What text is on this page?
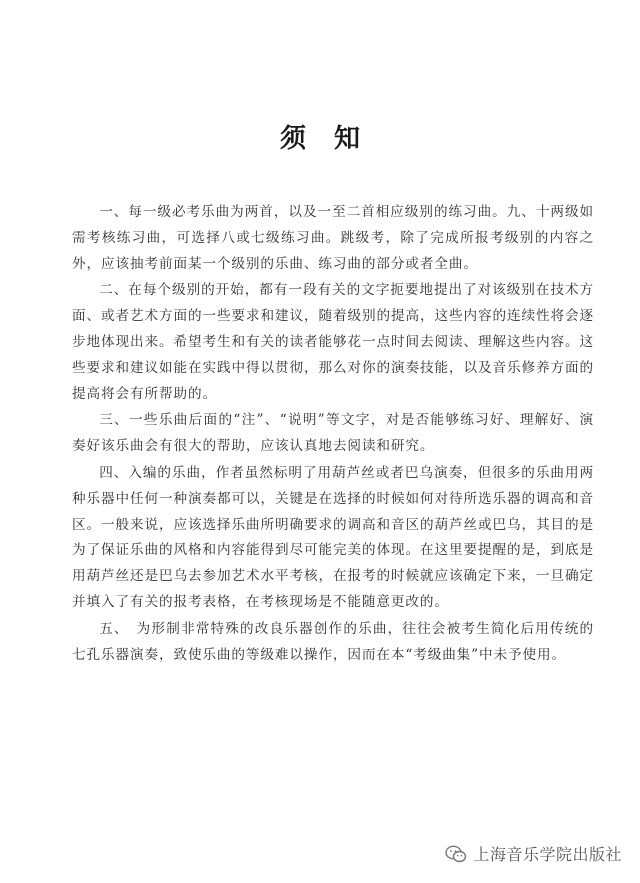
须知

一、每一级必考乐曲为两首，以及一至二首相应级别的练习曲。九、十两级如需考核练习曲，可选择八或七级练习曲。跳级考，除了完成所报考级别的内容之外，应该抽考前面某一个级别的乐曲、练习曲的部分或者全曲。

二、在每个级别的开始，都有一段有关的文字扼要地提出了对该级别在技术方面、或者艺术方面的一些要求和建议，随着级别的提高，这些内容的连续性将会逐步地体现出来。希望考生和有关的读者能够花一点时间去阅读、理解这些内容。这些要求和建议如能在实践中得以贯彻，那么对你的演奏技能，以及音乐修养方面的提高将会有所帮助的。

三、一些乐曲后面的“注”、“说明”等文字，对是否能够练习好、理解好、演奏好该乐曲会有很大的帮助，应该认真地去阅读和研究。

四、入编的乐曲，作者虽然标明了用葫芦丝或者巴乌演奏，但很多的乐曲用两种乐器中任何一种演奏都可以，关键是在选择的时候如何对待所选乐器的调高和音区。一般来说，应该选择乐曲所明确要求的调高和音区的葫芦丝或巴乌，其目的是为了保证乐曲的风格和内容能得到尽可能完美的体现。在这里要提醒的是，到底是用葫芦丝还是巴乌去参加艺术水平考核，在报考的时候就应该确定下来，一旦确定并填入了有关的报考表格，在考核现场是不能随意更改的。

五、　为形制非常特殊的改良乐器创作的乐曲，往往会被考生简化后用传统的七孔乐器演奏，致使乐曲的等级难以操作，因而在本“考级曲集”中未予使用。

上海音乐学院出版社
